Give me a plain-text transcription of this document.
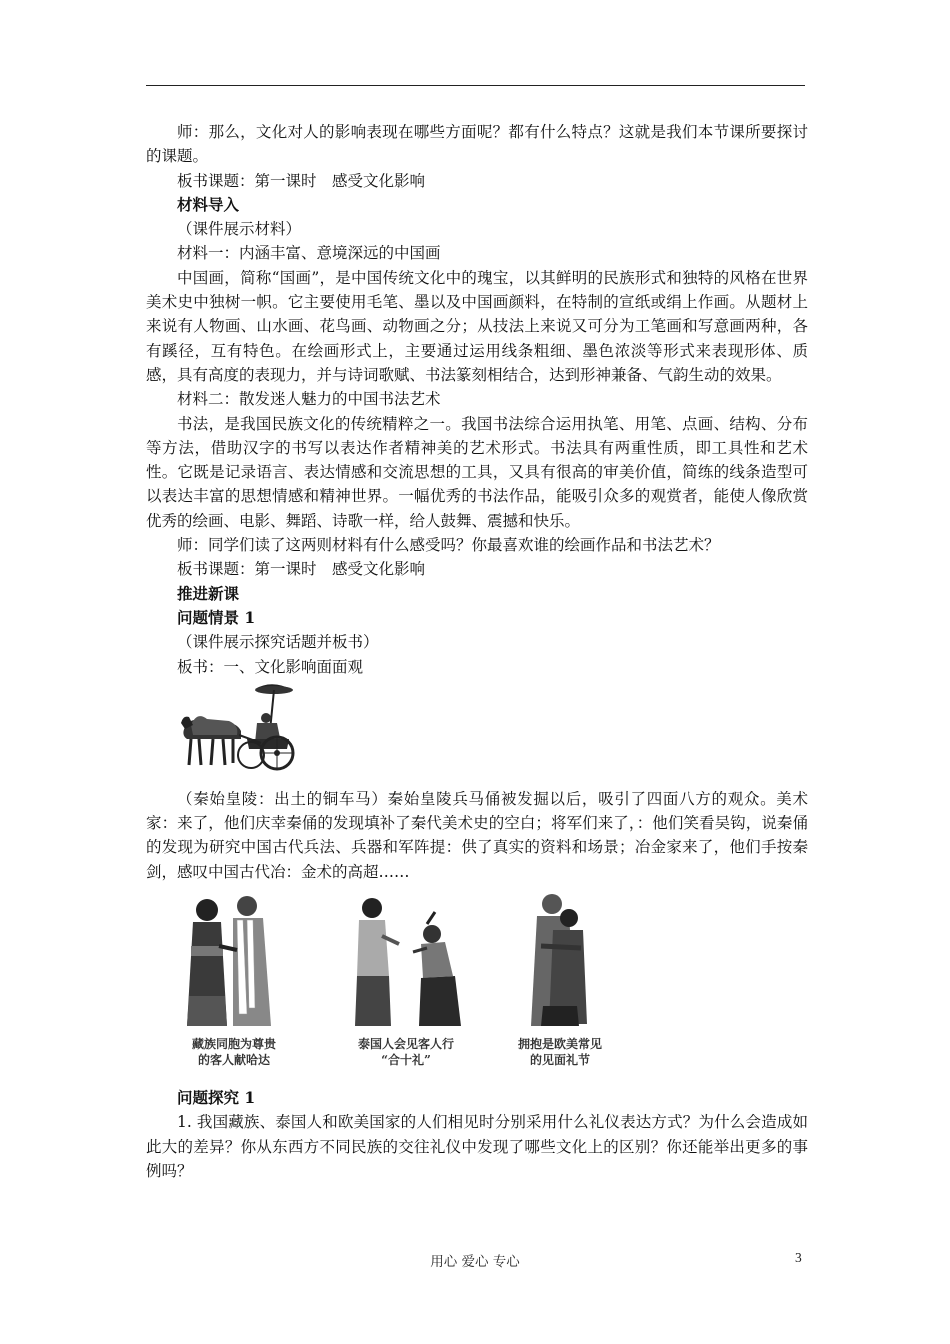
师：那么，文化对人的影响表现在哪些方面呢？都有什么特点？这就是我们本节课所要探讨的课题。

板书课题：第一课时　感受文化影响

材料导入

（课件展示材料）

材料一：内涵丰富、意境深远的中国画

中国画，简称“国画”，是中国传统文化中的瑰宝，以其鲜明的民族形式和独特的风格在世界美术史中独树一帜。它主要使用毛笔、墨以及中国画颜料，在特制的宣纸或绢上作画。从题材上来说有人物画、山水画、花鸟画、动物画之分；从技法上来说又可分为工笔画和写意画两种，各有蹊径，互有特色。在绘画形式上，主要通过运用线条粗细、墨色浓淡等形式来表现形体、质感，具有高度的表现力，并与诗词歌赋、书法篆刻相结合，达到形神兼备、气韵生动的效果。

材料二：散发迷人魅力的中国书法艺术

书法，是我国民族文化的传统精粹之一。我国书法综合运用执笔、用笔、点画、结构、分布等方法，借助汉字的书写以表达作者精神美的艺术形式。书法具有两重性质，即工具性和艺术性。它既是记录语言、表达情感和交流思想的工具，又具有很高的审美价值，简练的线条造型可以表达丰富的思想情感和精神世界。一幅优秀的书法作品，能吸引众多的观赏者，能使人像欣赏优秀的绘画、电影、舞蹈、诗歌一样，给人鼓舞、震撼和快乐。

师：同学们读了这两则材料有什么感受吗？你最喜欢谁的绘画作品和书法艺术？

板书课题：第一课时　感受文化影响

推进新课

问题情景 1

（课件展示探究话题并板书）

板书：一、文化影响面面观

（秦始皇陵：出土的铜车马）秦始皇陵兵马俑被发掘以后，吸引了四面八方的观众。美术家：来了，他们庆幸秦俑的发现填补了秦代美术史的空白；将军们来了，：他们笑看吴钩，说秦俑的发现为研究中国古代兵法、兵器和军阵提：供了真实的资料和场景；冶金家来了，他们手按秦剑，感叹中国古代冶：金术的高超……

藏族同胞为尊贵
的客人献哈达
泰国人会见客人行
“合十礼”
拥抱是欧美常见
的见面礼节

问题探究 1

1. 我国藏族、泰国人和欧美国家的人们相见时分别采用什么礼仪表达方式？为什么会造成如此大的差异？你从东西方不同民族的交往礼仪中发现了哪些文化上的区别？你还能举出更多的事例吗？

用心 爱心 专心	3
